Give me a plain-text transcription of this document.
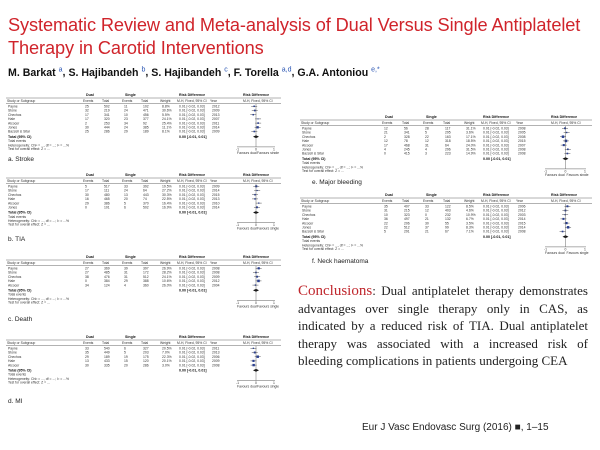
Systematic Review and Meta-analysis of Dual Versus Single Antiplatelet Therapy in Carotid Interventions
M. Barkat $^a$, S. Hajibandeh $^b$, S. Hajibandeh $^c$, F. Torella $^{a,d}$, G.A. Antoniou $^{e,*}$
Dual	Single	Risk Difference	Risk Difference
Study or Subgroup	Events	Total	Events	Total	Weight M-H, Fixed, 95% CI Year	M-H, Fixed, 95% CI
Payne	25	502	11	102	8.8%	0.01 [-0.02, 0.03] 2012
Stone	32	219	24	471	30.6% 0.01 [-0.02, 0.03] 2009
Chechos	17	341	10	456	5.5%	0.01 [-0.02, 0.03] 2013
Hale	17	320	23	377	24.1% 0.01 [-0.02, 0.03] 2007
Alcocer	2	253	34	92	25.4% 0.01 [-0.02, 0.03] 2011
Jones	30	444	24	385	11.1% 0.01 [-0.02, 0.03] 2014
Bazzell & Sitar	25	286	29	189	8.1%	0.01 [-0.02, 0.03] 2009
Total (95% CI)	0.00 [-0.01, 0.01]
Total events
Heterogeneity: Chi² = ..., df = ...; I² = ...%
Test for overall effect: Z = ...	-1	0	1
Favours dual Favours single
a. Stroke
Dual	Single	Risk Difference	Risk Difference
Study or Subgroup	Events	Total	Events	Total	Weight M-H, Fixed, 95% CI Year	M-H, Fixed, 95% CI
Payne	5	517	33	392	19.5% 0.01 [-0.02, 0.03] 2009
Stone	17	111	24	64	27.2% 0.01 [-0.02, 0.03] 2014
Chechos	30	480	13	443	30.3% 0.01 [-0.02, 0.03] 2015
Hale	16	465	20	74	22.5% 0.01 [-0.02, 0.03] 2013
Alcocer	29	386	5	370	16.4% 0.01 [-0.02, 0.03] 2010
Jones	0	101	6	502	16.9% 0.01 [-0.02, 0.03] 2014
Total (95% CI)	0.00 [-0.01, 0.01]
Total events
Heterogeneity: Chi² = ..., df = ...; I² = ...%
Test for overall effect: Z = ...	-1	0	1
Favours dual Favours single
b. TIA
Dual	Single	Risk Difference	Risk Difference
Study or Subgroup	Events	Total	Events	Total	Weight M-H, Fixed, 95% CI Year	M-H, Fixed, 95% CI
Payne	27	369	39	397	26.9% 0.01 [-0.02, 0.03] 2008
Stone	27	485	31	172	28.2% 0.01 [-0.02, 0.03] 2008
Chechos	38	476	31	512	24.1% 0.01 [-0.02, 0.03] 2009
Hale	0	384	29	388	10.6% 0.01 [-0.02, 0.03] 2012
Alcocer	34	124	4	360	26.0% 0.01 [-0.02, 0.03] 2004
Total (95% CI)	0.00 [-0.01, 0.01]
Total events
Heterogeneity: Chi² = ..., df = ...; I² = ...%
Test for overall effect: Z = ...	-1	0	1
Favours dual Favours single
c. Death
Dual	Single	Risk Difference	Risk Difference
Study or Subgroup	Events	Total	Events	Total	Weight M-H, Fixed, 95% CI Year	M-H, Fixed, 95% CI
Payne	33	540	6	327	20.5% 0.01 [-0.02, 0.03] 2011
Stone	35	449	5	203	7.0%	0.01 [-0.02, 0.03] 2013
Chechos	29	189	19	175	22.3% 0.01 [-0.02, 0.03] 2006
Hale	13	433	15	120	20.1% 0.01 [-0.02, 0.03] 2009
Alcocer	30	335	20	286	3.0%	0.01 [-0.02, 0.03] 2008
Total (95% CI)	0.00 [-0.01, 0.01]
Total events
Heterogeneity: Chi² = ..., df = ...; I² = ...%
Test for overall effect: Z = ...	-1	0	1
Favours dual Favours single
d. MI
Dual	Single	Risk Difference	Risk Difference
Study or Subgroup	Events	Total	Events	Total	Weight M-H, Fixed, 95% CI Year	M-H, Fixed, 95% CI
Payne	12	56	28	117	31.1% 0.01 [-0.02, 0.03]	2008
Stone	21	341	5	295	3.6%	0.01 [-0.02, 0.03]	2005
Chechos	2	328	22	163	17.1% 0.01 [-0.02, 0.03]	2008
Hale	12	78	12	318	18.5% 0.01 [-0.02, 0.03]	2015
Alcocer	17	468	31	64	24.0% 0.01 [-0.02, 0.03]	2007
Jones	4	245	4	296	31.5% 0.01 [-0.02, 0.03]	2008
Bazzell & Sitar	0	415	3	223	14.9% 0.01 [-0.02, 0.03]	2008
Total (95% CI)	0.00 [-0.01, 0.01]
Total events
Heterogeneity: Chi² = ..., df = ...; I² = ...%
Test for overall effect: Z = ...	-1	0	1
Favours dual Favours single
e. Major bleeding
Dual	Single	Risk Difference	Risk Difference
Study or Subgroup	Events	Total	Events	Total	Weight M-H, Fixed, 95% CI Year	M-H, Fixed, 95% CI
Payne	35	407	33	122	8.5%	0.01 [-0.02, 0.03]	2006
Stone	31	215	12	403	4.6%	0.01 [-0.02, 0.03]	2012
Chechos	10	323	0	232	10.9% 0.01 [-0.02, 0.03]	2003
Hale	36	497	21	132	6.7%	0.01 [-0.02, 0.03]	2014
Alcocer	22	206	30	55	3.5%	0.01 [-0.02, 0.03]	2015
Jones	22	512	37	99	8.3%	0.01 [-0.02, 0.03]	2014
Bazzell & Sitar	5	291	21	67	7.1%	0.01 [-0.02, 0.03]	2008
Total (95% CI)	0.00 [-0.01, 0.01]
Total events
Heterogeneity: Chi² = ..., df = ...; I² = ...%
Test for overall effect: Z = ...	-1	0	1
Favours dual Favours single
f. Neck haematoma
Conclusions: Dual antiplatelet therapy demonstrates advantages over single therapy only in CAS, as indicated by a reduced risk of TIA. Dual antiplatelet therapy was associated with a increased risk of bleeding complications in patients undergoing CEA
Eur J Vasc Endovasc Surg (2016) ■, 1–15
